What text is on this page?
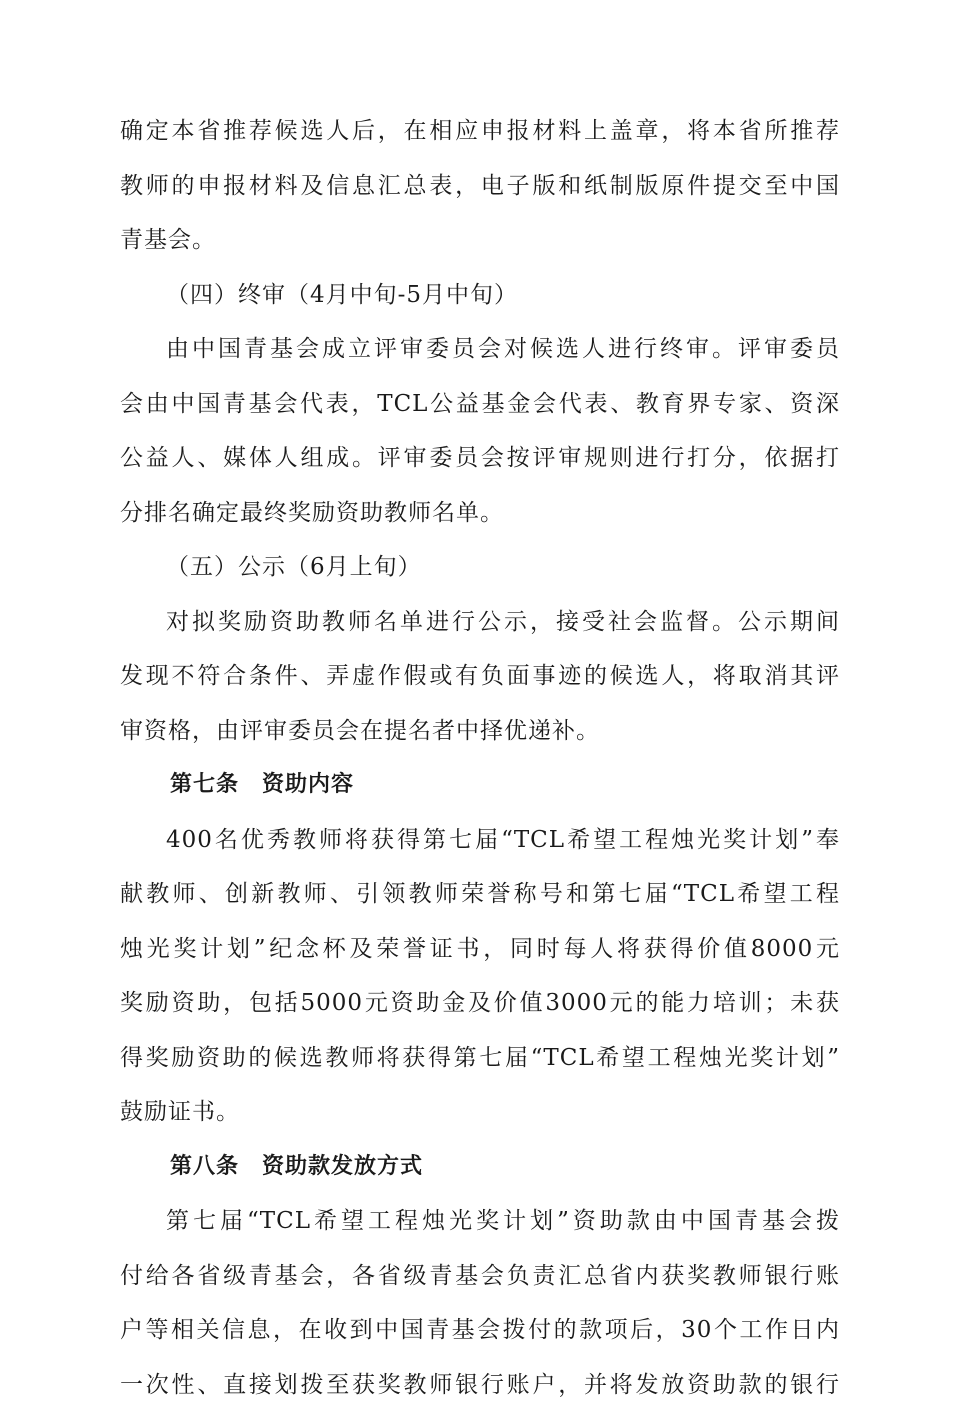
确定本省推荐候选人后，在相应申报材料上盖章，将本省所推荐
教师的申报材料及信息汇总表，电子版和纸制版原件提交至中国
青基会。
（四）终审（4月中旬-5月中旬）
由中国青基会成立评审委员会对候选人进行终审。评审委员
会由中国青基会代表，TCL公益基金会代表、教育界专家、资深
公益人、媒体人组成。评审委员会按评审规则进行打分，依据打
分排名确定最终奖励资助教师名单。
（五）公示（6月上旬）
对拟奖励资助教师名单进行公示，接受社会监督。公示期间
发现不符合条件、弄虚作假或有负面事迹的候选人，将取消其评
审资格，由评审委员会在提名者中择优递补。
第七条　资助内容
400名优秀教师将获得第七届“TCL希望工程烛光奖计划”奉
献教师、创新教师、引领教师荣誉称号和第七届“TCL希望工程
烛光奖计划”纪念杯及荣誉证书，同时每人将获得价值8000元
奖励资助，包括5000元资助金及价值3000元的能力培训；未获
得奖励资助的候选教师将获得第七届“TCL希望工程烛光奖计划”
鼓励证书。
第八条　资助款发放方式
第七届“TCL希望工程烛光奖计划”资助款由中国青基会拨
付给各省级青基会，各省级青基会负责汇总省内获奖教师银行账
户等相关信息，在收到中国青基会拨付的款项后，30个工作日内
一次性、直接划拨至获奖教师银行账户，并将发放资助款的银行
